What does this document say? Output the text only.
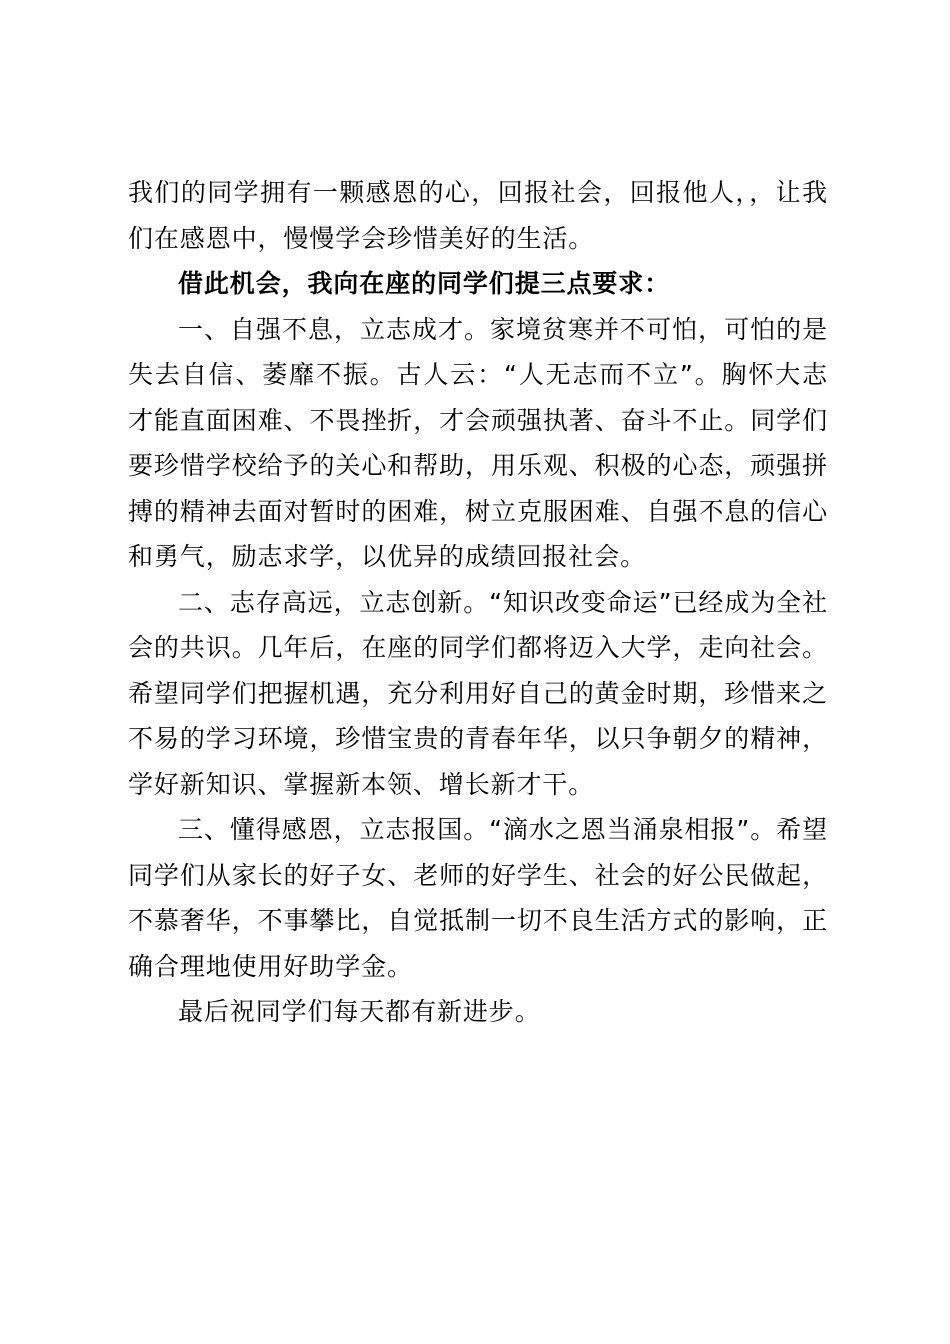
我们的同学拥有一颗感恩的心，回报社会，回报他人，，让我们在感恩中，慢慢学会珍惜美好的生活。

借此机会，我向在座的同学们提三点要求：

一、自强不息，立志成才。家境贫寒并不可怕，可怕的是失去自信、萎靡不振。古人云：“人无志而不立”。胸怀大志才能直面困难、不畏挫折，才会顽强执著、奋斗不止。同学们要珍惜学校给予的关心和帮助，用乐观、积极的心态，顽强拼搏的精神去面对暂时的困难，树立克服困难、自强不息的信心和勇气，励志求学，以优异的成绩回报社会。

二、志存高远，立志创新。“知识改变命运”已经成为全社会的共识。几年后，在座的同学们都将迈入大学，走向社会。希望同学们把握机遇，充分利用好自己的黄金时期，珍惜来之不易的学习环境，珍惜宝贵的青春年华，以只争朝夕的精神，学好新知识、掌握新本领、增长新才干。

三、懂得感恩，立志报国。“滴水之恩当涌泉相报”。希望同学们从家长的好子女、老师的好学生、社会的好公民做起，不慕奢华，不事攀比，自觉抵制一切不良生活方式的影响，正确合理地使用好助学金。

最后祝同学们每天都有新进步。
